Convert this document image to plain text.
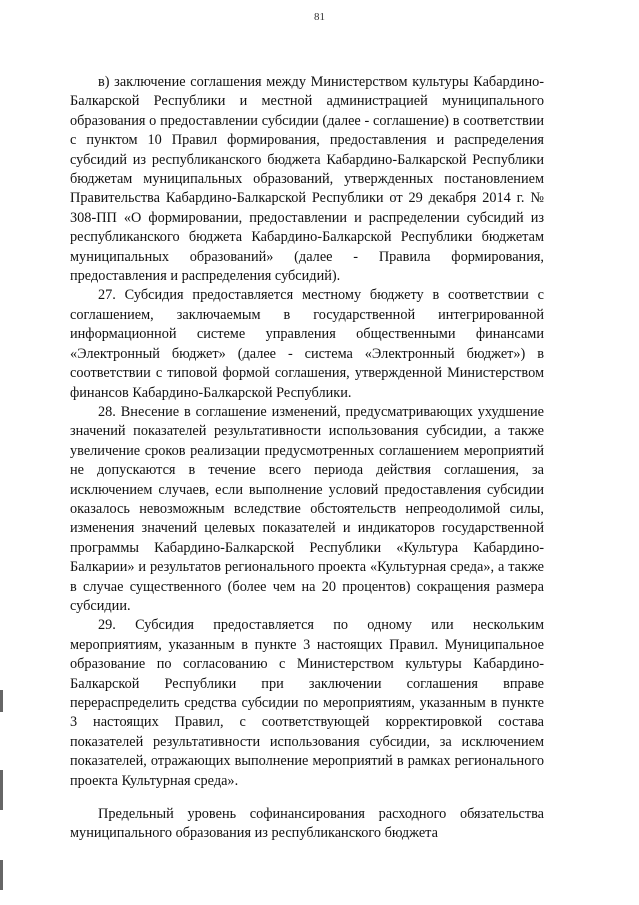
81

в) заключение соглашения между Министерством культуры Кабардино-Балкарской Республики и местной администрацией муниципального образования о предоставлении субсидии (далее - соглашение) в соответствии с пунктом 10 Правил формирования, предоставления и распределения субсидий из республиканского бюджета Кабардино-Балкарской Республики бюджетам муниципальных образований, утвержденных постановлением Правительства Кабардино-Балкарской Республики от 29 декабря 2014 г. № 308-ПП «О формировании, предоставлении и распределении субсидий из республиканского бюджета Кабардино-Балкарской Республики бюджетам муниципальных образований» (далее - Правила формирования, предоставления и распределения субсидий).

27. Субсидия предоставляется местному бюджету в соответствии с соглашением, заключаемым в государственной интегрированной информационной системе управления общественными финансами «Электронный бюджет» (далее - система «Электронный бюджет») в соответствии с типовой формой соглашения, утвержденной Министерством финансов Кабардино-Балкарской Республики.

28. Внесение в соглашение изменений, предусматривающих ухудшение значений показателей результативности использования субсидии, а также увеличение сроков реализации предусмотренных соглашением мероприятий не допускаются в течение всего периода действия соглашения, за исключением случаев, если выполнение условий предоставления субсидии оказалось невозможным вследствие обстоятельств непреодолимой силы, изменения значений целевых показателей и индикаторов государственной программы Кабардино-Балкарской Республики «Культура Кабардино-Балкарии» и результатов регионального проекта «Культурная среда», а также в случае существенного (более чем на 20 процентов) сокращения размера субсидии.

29. Субсидия предоставляется по одному или нескольким мероприятиям, указанным в пункте 3 настоящих Правил. Муниципальное образование по согласованию с Министерством культуры Кабардино-Балкарской Республики при заключении соглашения вправе перераспределить средства субсидии по мероприятиям, указанным в пункте 3 настоящих Правил, с соответствующей корректировкой состава показателей результативности использования субсидии, за исключением показателей, отражающих выполнение мероприятий в рамках регионального проекта Культурная среда».

Предельный уровень софинансирования расходного обязательства муниципального образования из республиканского бюджета
